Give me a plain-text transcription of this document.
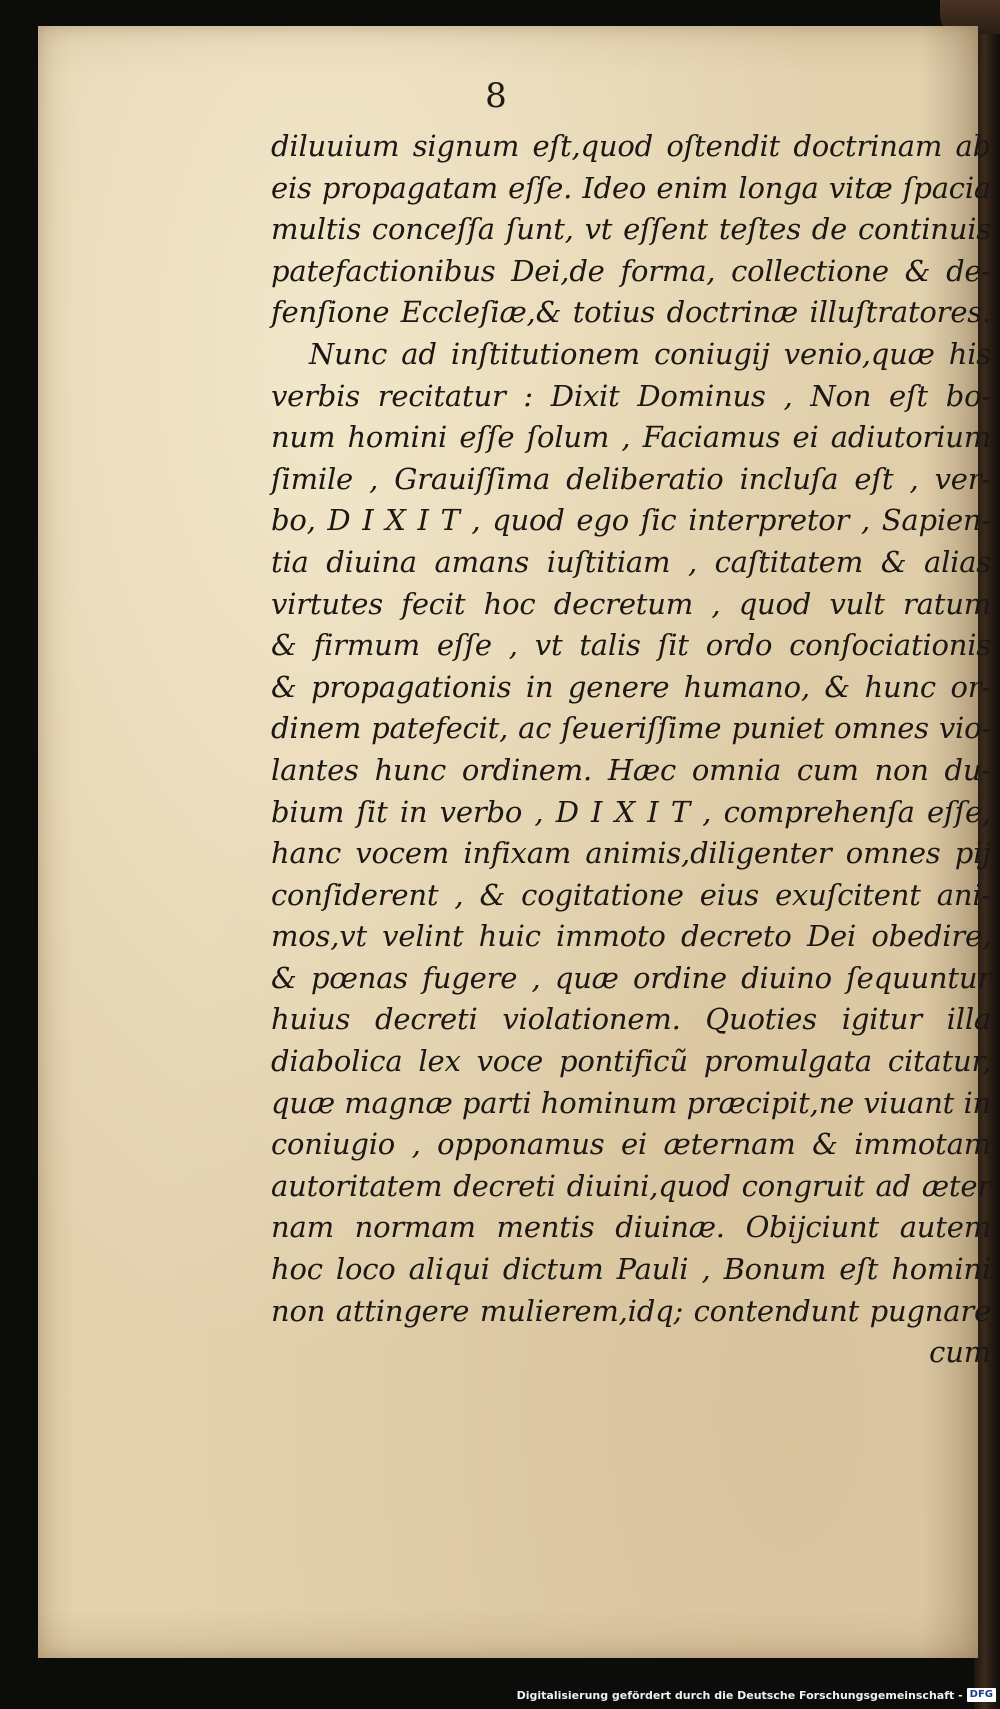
8
diluuium signum eſt,quod oſtendit doctrinam ab
eis propagatam eſſe. Ideo enim longa vitæ ſpacia
multis conceſſa ſunt, vt eſſent teſtes de continuis
patefactionibus Dei,de forma, collectione & de-
fenſione Eccleſiæ,& totius doctrinæ illuſtratores.
Nunc ad inſtitutionem coniugij venio,quæ his
verbis recitatur : Dixit Dominus , Non eſt bo-
num homini eſſe ſolum , Faciamus ei adiutorium
ſimile , Grauiſſima deliberatio incluſa eſt , ver-
bo, D I X I T , quod ego ſic interpretor , Sapien-
tia diuina amans iuſtitiam , caſtitatem & alias
virtutes fecit hoc decretum , quod vult ratum
& firmum eſſe , vt talis ſit ordo conſociationis
& propagationis in genere humano, & hunc or-
dinem patefecit, ac ſeueriſſime puniet omnes vio-
lantes hunc ordinem. Hæc omnia cum non du-
bium ſit in verbo , D I X I T , comprehenſa eſſe,
hanc vocem infixam animis,diligenter omnes pij
conſiderent , & cogitatione eius exuſcitent ani-
mos,vt velint huic immoto decreto Dei obedire,
& pœnas fugere , quæ ordine diuino ſequuntur
huius decreti violationem. Quoties igitur illa
diabolica lex voce pontificũ promulgata citatur,
quæ magnæ parti hominum præcipit,ne viuant in
coniugio , opponamus ei æternam & immotam
autoritatem decreti diuini,quod congruit ad æter
nam normam mentis diuinæ. Obijciunt autem
hoc loco aliqui dictum Pauli , Bonum eſt homini
non attingere mulierem,idq; contendunt pugnare
cum
Digitalisierung gefördert durch die Deutsche Forschungsgemeinschaft - DFG
